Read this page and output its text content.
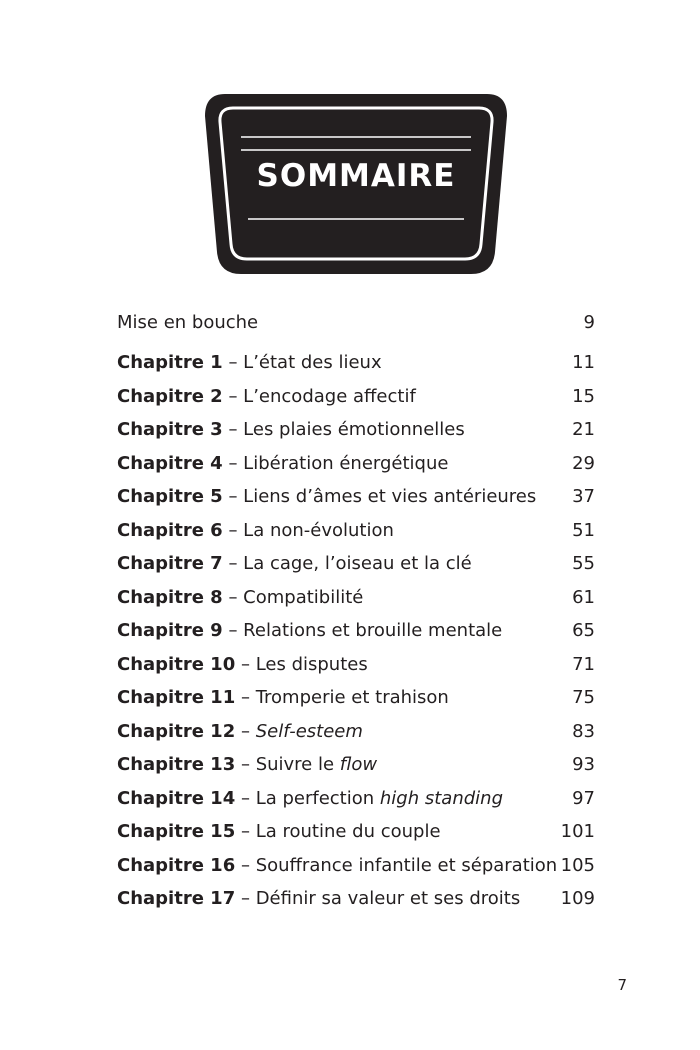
SOMMAIRE
Mise en bouche	9
Chapitre 1 – L’état des lieux	11
Chapitre 2 – L’encodage affectif	15
Chapitre 3 – Les plaies émotionnelles	21
Chapitre 4 – Libération énergétique	29
Chapitre 5 – Liens d’âmes et vies antérieures 37
Chapitre 6 – La non-évolution	51
Chapitre 7 – La cage, l’oiseau et la clé	55
Chapitre 8 – Compatibilité	61
Chapitre 9 – Relations et brouille mentale	65
Chapitre 10 – Les disputes	71
Chapitre 11 – Tromperie et trahison	75
Chapitre 12 – Self-esteem	83
Chapitre 13 – Suivre le flow	93
Chapitre 14 – La perfection high standing	97
Chapitre 15 – La routine du couple	101
Chapitre 16 – Souffrance infantile et séparation 105
Chapitre 17 – Définir sa valeur et ses droits 109
7
